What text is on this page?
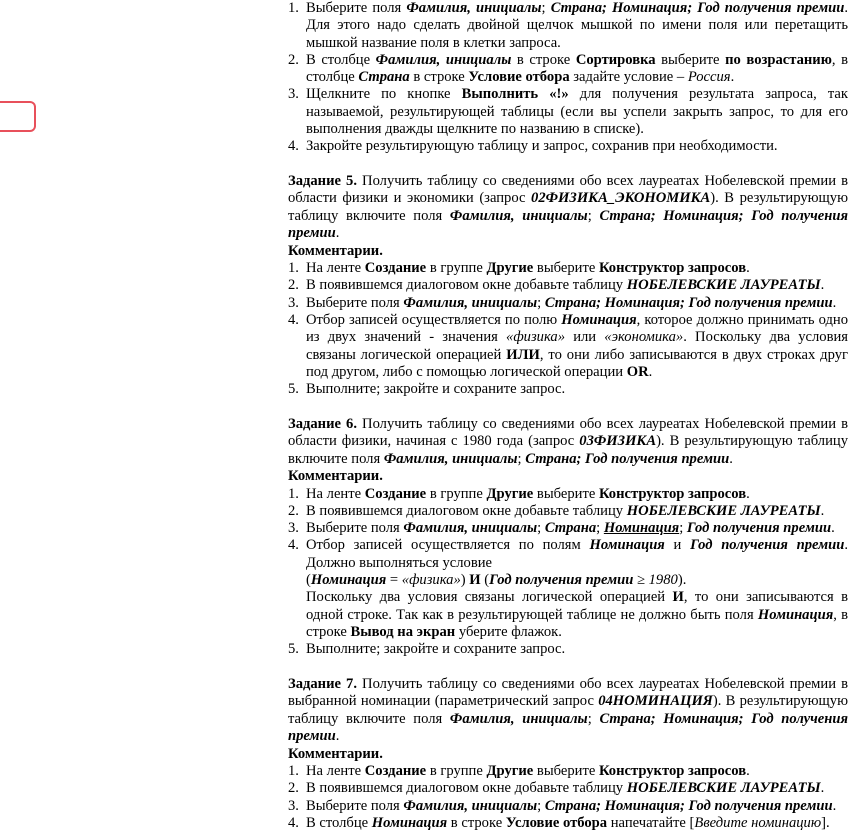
1. Выберите поля Фамилия, инициалы; Страна; Номинация; Год получения премии. Для этого надо сделать двойной щелчок мышкой по имени поля или перетащить мышкой название поля в клетки запроса.
2. В столбце Фамилия, инициалы в строке Сортировка выберите по возрастанию, в столбце Страна в строке Условие отбора задайте условие – Россия.
3. Щелкните по кнопке Выполнить «!» для получения результата запроса, так называемой, результирующей таблицы (если вы успели закрыть запрос, то для его выполнения дважды щелкните по названию в списке).
4. Закройте результирующую таблицу и запрос, сохранив при необходимости.
Задание 5. Получить таблицу со сведениями обо всех лауреатах Нобелевской премии в области физики и экономики (запрос 02ФИЗИКА_ЭКОНОМИКА). В результирующую таблицу включите поля Фамилия, инициалы; Страна; Номинация; Год получения премии.
Комментарии.
1. На ленте Создание в группе Другие выберите Конструктор запросов.
2. В появившемся диалоговом окне добавьте таблицу НОБЕЛЕВСКИЕ ЛАУРЕАТЫ.
3. Выберите поля Фамилия, инициалы; Страна; Номинация; Год получения премии.
4. Отбор записей осуществляется по полю Номинация, которое должно принимать одно из двух значений - значения «физика» или «экономика». Поскольку два условия связаны логической операцией ИЛИ, то они либо записываются в двух строках друг под другом, либо с помощью логической операции OR.
5. Выполните; закройте и сохраните запрос.
Задание 6. Получить таблицу со сведениями обо всех лауреатах Нобелевской премии в области физики, начиная с 1980 года (запрос 03ФИЗИКА). В результирующую таблицу включите поля Фамилия, инициалы; Страна; Год получения премии.
Комментарии.
1. На ленте Создание в группе Другие выберите Конструктор запросов.
2. В появившемся диалоговом окне добавьте таблицу НОБЕЛЕВСКИЕ ЛАУРЕАТЫ.
3. Выберите поля Фамилия, инициалы; Страна; Номинация; Год получения премии.
4. Отбор записей осуществляется по полям Номинация и Год получения премии. Должно выполняться условие
(Номинация = «физика») И (Год получения премии ≥ 1980).
Поскольку два условия связаны логической операцией И, то они записываются в одной строке. Так как в результирующей таблице не должно быть поля Номинация, в строке Вывод на экран уберите флажок.
5. Выполните; закройте и сохраните запрос.
Задание 7. Получить таблицу со сведениями обо всех лауреатах Нобелевской премии в выбранной номинации (параметрический запрос 04НОМИНАЦИЯ). В результирующую таблицу включите поля Фамилия, инициалы; Страна; Номинация; Год получения премии.
Комментарии.
1. На ленте Создание в группе Другие выберите Конструктор запросов.
2. В появившемся диалоговом окне добавьте таблицу НОБЕЛЕВСКИЕ ЛАУРЕАТЫ.
3. Выберите поля Фамилия, инициалы; Страна; Номинация; Год получения премии.
4. В столбце Номинация в строке Условие отбора напечатайте [Введите номинацию].
